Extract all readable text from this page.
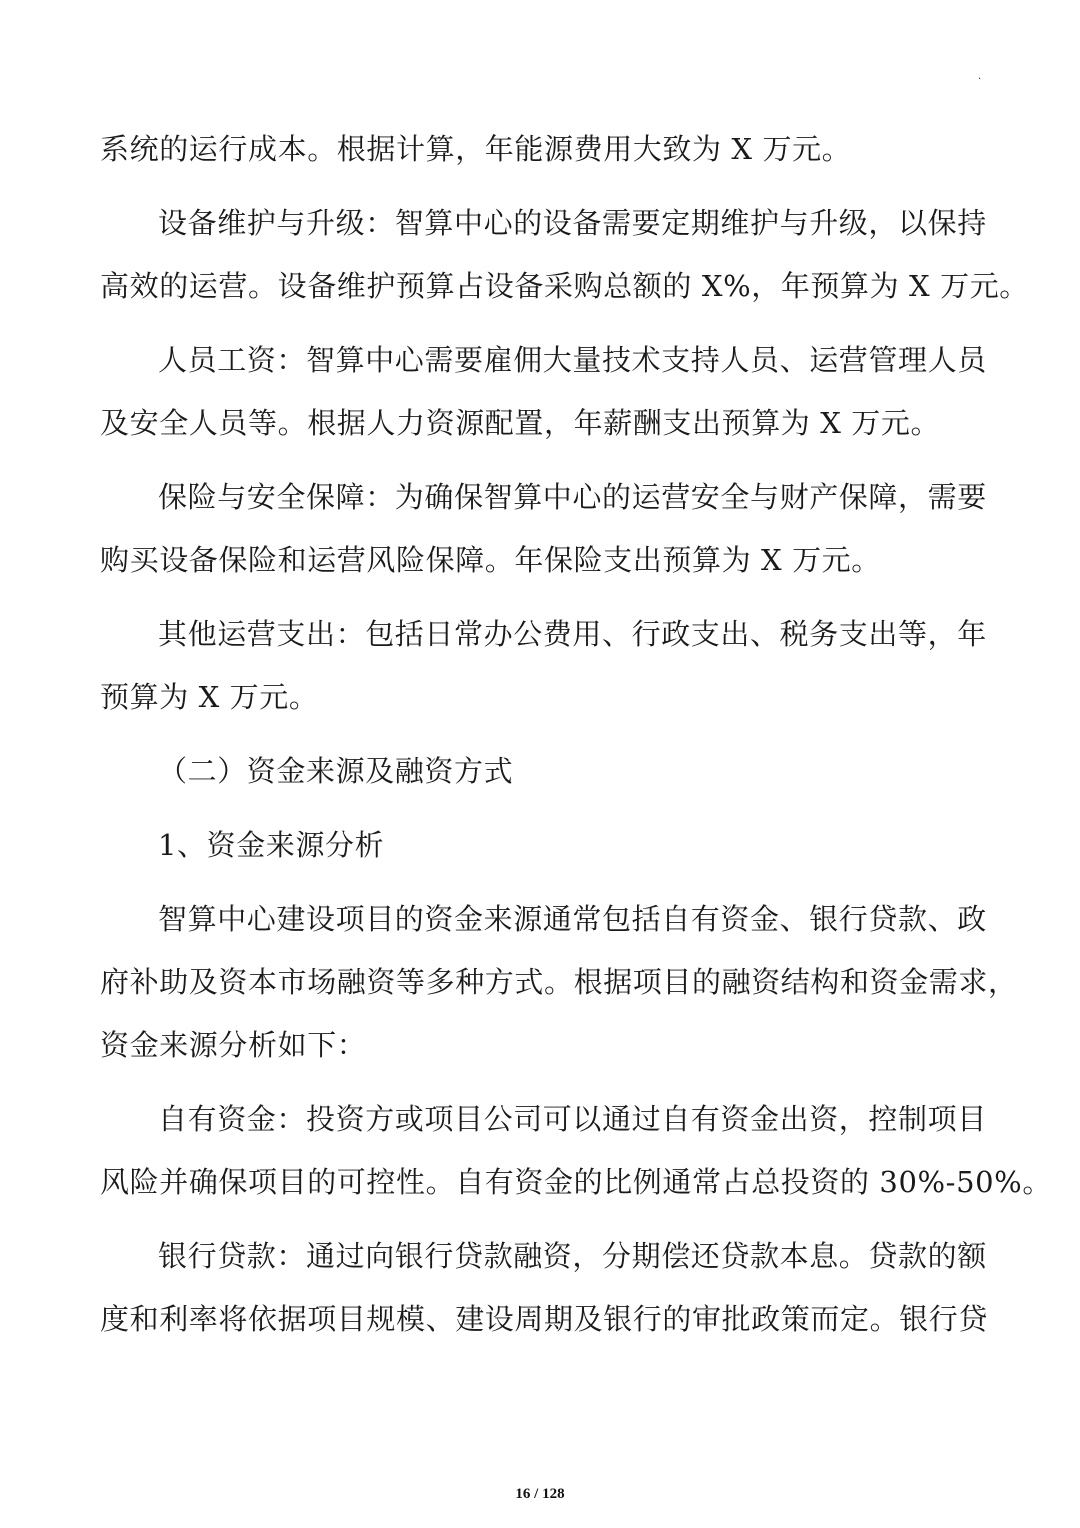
·
系统的运行成本。根据计算，年能源费用大致为 X 万元。
设备维护与升级：智算中心的设备需要定期维护与升级，以保持
高效的运营。设备维护预算占设备采购总额的 X%，年预算为 X 万元。
人员工资：智算中心需要雇佣大量技术支持人员、运营管理人员
及安全人员等。根据人力资源配置，年薪酬支出预算为 X 万元。
保险与安全保障：为确保智算中心的运营安全与财产保障，需要
购买设备保险和运营风险保障。年保险支出预算为 X 万元。
其他运营支出：包括日常办公费用、行政支出、税务支出等，年
预算为 X 万元。
（二）资金来源及融资方式
1、资金来源分析
智算中心建设项目的资金来源通常包括自有资金、银行贷款、政
府补助及资本市场融资等多种方式。根据项目的融资结构和资金需求，
资金来源分析如下：
自有资金：投资方或项目公司可以通过自有资金出资，控制项目
风险并确保项目的可控性。自有资金的比例通常占总投资的 30%-50%。
银行贷款：通过向银行贷款融资，分期偿还贷款本息。贷款的额
度和利率将依据项目规模、建设周期及银行的审批政策而定。银行贷
16 / 128
